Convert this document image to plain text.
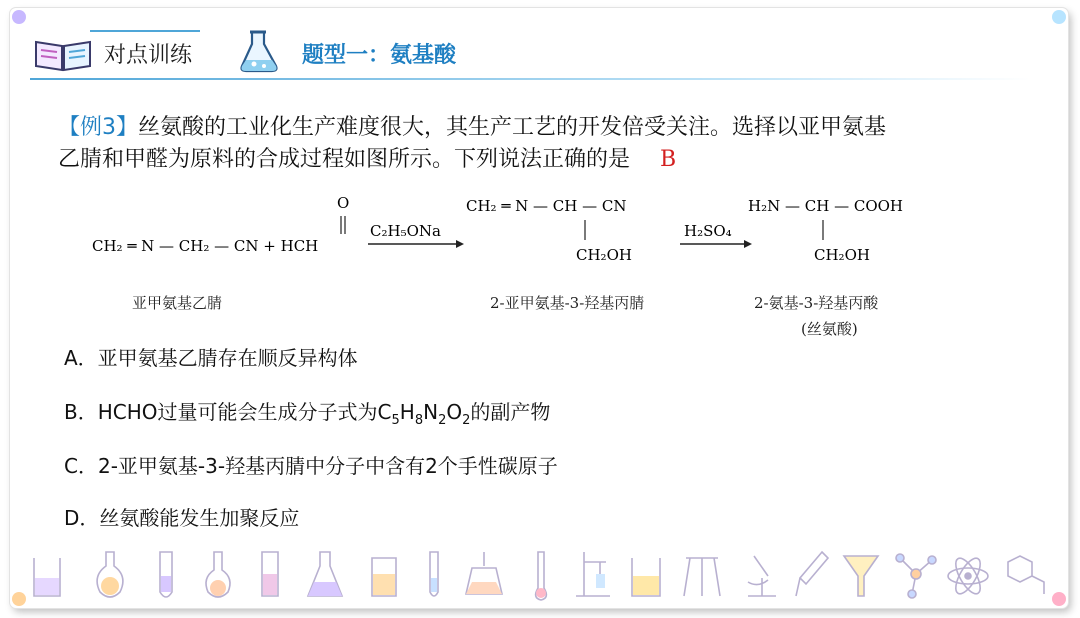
对点训练	题型一：氨基酸
【例3】丝氨酸的工业化生产难度很大，其生产工艺的开发倍受关注。选择以亚甲氨基
乙腈和甲醛为原料的合成过程如图所示。下列说法正确的是 B
CH₂ ═ N — CH₂ — CN + HCH
O
C₂H₅ONa
CH₂ ═ N — CH — CN
CH₂OH
H₂SO₄
H₂N — CH — COOH
CH₂OH
亚甲氨基乙腈	2-亚甲氨基-3-羟基丙腈	2-氨基-3-羟基丙酸
(丝氨酸)
A．亚甲氨基乙腈存在顺反异构体
B．HCHO过量可能会生成分子式为$C_5H_8N_2O_2$的副产物
C．2-亚甲氨基-3-羟基丙腈中分子中含有2个手性碳原子
D．丝氨酸能发生加聚反应
